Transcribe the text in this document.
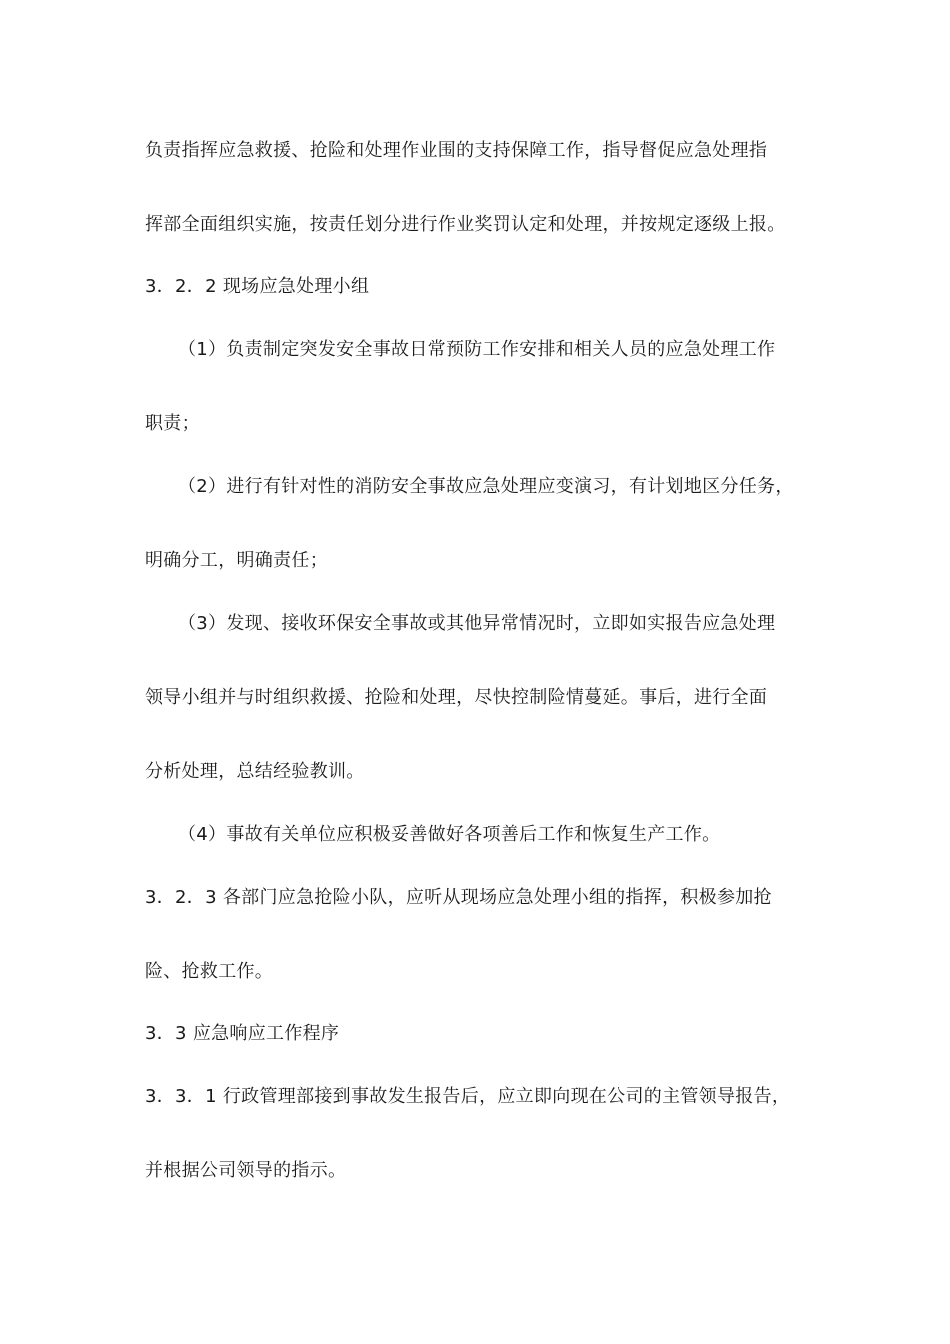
负责指挥应急救援、抢险和处理作业围的支持保障工作，指导督促应急处理指
挥部全面组织实施，按责任划分进行作业奖罚认定和处理，并按规定逐级上报。
3．2．2 现场应急处理小组
（1）负责制定突发安全事故日常预防工作安排和相关人员的应急处理工作
职责；
（2）进行有针对性的消防安全事故应急处理应变演习，有计划地区分任务，
明确分工，明确责任；
（3）发现、接收环保安全事故或其他异常情况时，立即如实报告应急处理
领导小组并与时组织救援、抢险和处理，尽快控制险情蔓延。事后，进行全面
分析处理，总结经验教训。
（4）事故有关单位应积极妥善做好各项善后工作和恢复生产工作。
3．2．3 各部门应急抢险小队，应听从现场应急处理小组的指挥，积极参加抢
险、抢救工作。
3．3 应急响应工作程序
3．3．1 行政管理部接到事故发生报告后，应立即向现在公司的主管领导报告，
并根据公司领导的指示。
